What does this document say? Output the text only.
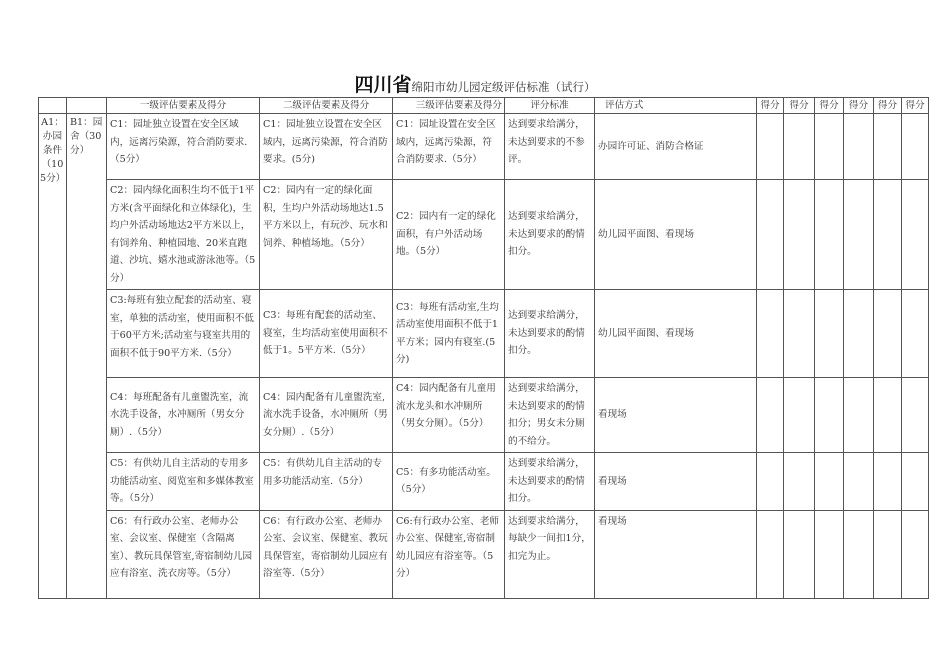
四川省绵阳市幼儿园定级评估标准（试行）
		一级评估要素及得分	二级评估要素及得分	三级评估要素及得分	评分标准	评估方式	得分	得分	得分	得分	得分	得分
A1：办园条件（105分）	B1：园舍（30分）	C1：园址独立设置在安全区域内，远离污染源，符合消防要求.（5分）	C1：园址独立设置在安全区域内，远离污染源，符合消防要求。(5分)	C1：园址设置在安全区域内，远离污染源，符合消防要求.（5分）	达到要求给满分，未达到要求的不参评。	办园许可证、消防合格证						
		C2：园内绿化面积生均不低于1平方米(含平面绿化和立体绿化)，生均户外活动场地达2平方米以上，有饲养角、种植园地、20米直跑道、沙坑、嬉水池或游泳池等。（5分）	C2：园内有一定的绿化面积，生均户外活动场地达1.5平方米以上，有玩沙、玩水和饲养、种植场地。（5分）	C2：园内有一定的绿化面积，有户外活动场地。（5分）	达到要求给满分，未达到要求的酌情扣分。	幼儿园平面图、看现场						
		C3:每班有独立配套的活动室、寝室，单独的活动室，使用面积不低于60平方米;活动室与寝室共用的面积不低于90平方米.（5分）	C3：每班有配套的活动室、寝室，生均活动室使用面积不低于1。5平方米.（5分）	C3：每班有活动室,生均活动室使用面积不低于1平方米；园内有寝室.(5分)	达到要求给满分，未达到要求的酌情扣分。	幼儿园平面图、看现场						
		C4：每班配备有儿童盥洗室，流水洗手设备，水冲厕所（男女分厕）.（5分）	C4：园内配备有儿童盥洗室,流水洗手设备，水冲厕所（男女分厕）.（5分）	C4：园内配备有儿童用流水龙头和水冲厕所（男女分厕）。（5分）	达到要求给满分，未达到要求的酌情扣分；男女未分厕的不给分。	看现场						
		C5：有供幼儿自主活动的专用多功能活动室、阅览室和多媒体教室等。（5分）	C5：有供幼儿自主活动的专用多功能活动室.（5分）	C5：有多功能活动室。（5分）	达到要求给满分，未达到要求的酌情扣分。	看现场						
		C6：有行政办公室、老师办公室、会议室、保健室（含隔离室）、教玩具保管室,寄宿制幼儿园应有浴室、洗衣房等。（5分）	C6：有行政办公室、老师办公室、会议室、保健室、教玩具保管室，寄宿制幼儿园应有浴室等.（5分）	C6:有行政办公室、老师办公室、保健室,寄宿制幼儿园应有浴室等。（5分）	达到要求给满分，每缺少一间扣1分，扣完为止。	看现场						
